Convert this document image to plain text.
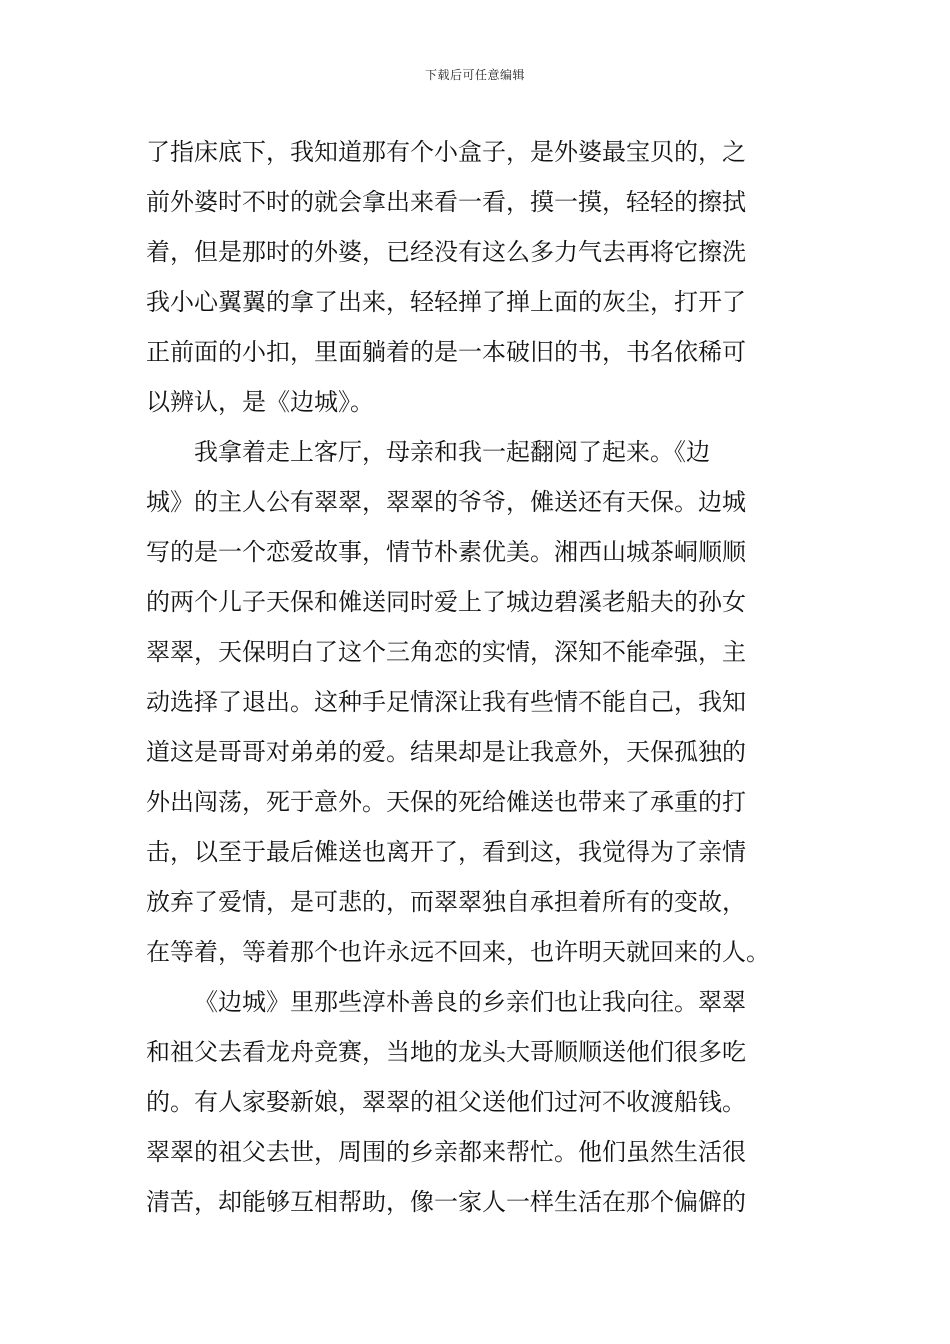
下载后可任意编辑
了指床底下，我知道那有个小盒子，是外婆最宝贝的，之
前外婆时不时的就会拿出来看一看，摸一摸，轻轻的擦拭
着，但是那时的外婆，已经没有这么多力气去再将它擦洗
我小心翼翼的拿了出来，轻轻掸了掸上面的灰尘，打开了
正前面的小扣，里面躺着的是一本破旧的书，书名依稀可
以辨认，是《边城》。
我拿着走上客厅，母亲和我一起翻阅了起来。《边
城》的主人公有翠翠，翠翠的爷爷，傩送还有天保。边城
写的是一个恋爱故事，情节朴素优美。湘西山城茶峒顺顺
的两个儿子天保和傩送同时爱上了城边碧溪老船夫的孙女
翠翠，天保明白了这个三角恋的实情，深知不能牵强，主
动选择了退出。这种手足情深让我有些情不能自己，我知
道这是哥哥对弟弟的爱。结果却是让我意外，天保孤独的
外出闯荡，死于意外。天保的死给傩送也带来了承重的打
击，以至于最后傩送也离开了，看到这，我觉得为了亲情
放弃了爱情，是可悲的，而翠翠独自承担着所有的变故，
在等着，等着那个也许永远不回来，也许明天就回来的人。
《边城》里那些淳朴善良的乡亲们也让我向往。翠翠
和祖父去看龙舟竞赛，当地的龙头大哥顺顺送他们很多吃
的。有人家娶新娘，翠翠的祖父送他们过河不收渡船钱。
翠翠的祖父去世，周围的乡亲都来帮忙。他们虽然生活很
清苦，却能够互相帮助，像一家人一样生活在那个偏僻的
